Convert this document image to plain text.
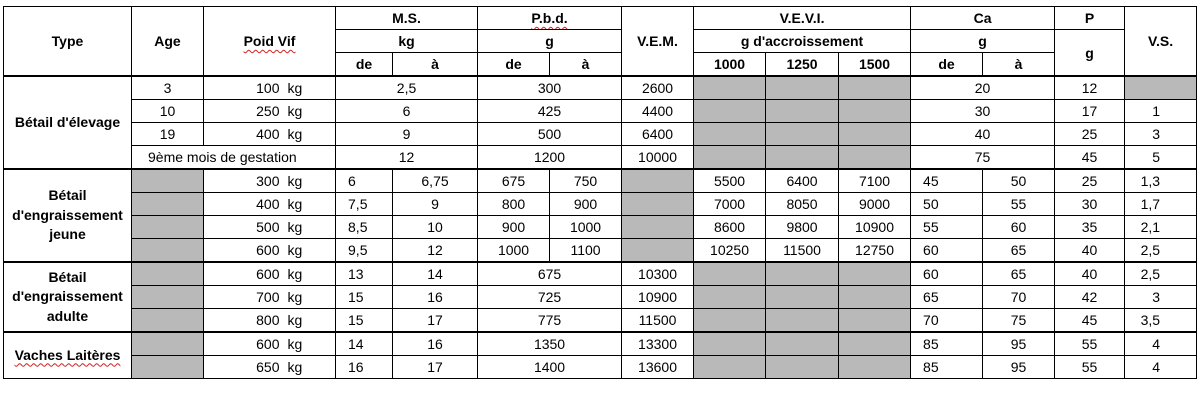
Type	Age	Poid Vif		M.S.		P.b.d.		V.E.M.	V.E.V.I.			Ca		P	V.S.
				kg		g			g d'accroissement			g		g	
				de	à	de	à		1000	1250	1500	de	à		
Bétail d'élevage	3	100	kg	2,5		300		2600				20		12	
	10	250	kg	6		425		4400				30		17	1
	19	400	kg	9		500		6400				40		25	3
	9ème mois de gestation			12		1200		10000				75		45	5
Bétail d'engraissement jeune		300	kg	6	6,75	675	750		5500	6400	7100	45	50	25	1,3
		400	kg	7,5	9	800	900		7000	8050	9000	50	55	30	1,7
		500	kg	8,5	10	900	1000		8600	9800	10900	55	60	35	2,1
		600	kg	9,5	12	1000	1100		10250	11500	12750	60	65	40	2,5
Bétail d'engraissement adulte		600	kg	13	14	675		10300				60	65	40	2,5
		700	kg	15	16	725		10900				65	70	42	3
		800	kg	15	17	775		11500				70	75	45	3,5
Vaches Laitères		600	kg	14	16	1350		13300				85	95	55	4
		650	kg	16	17	1400		13600				85	95	55	4
